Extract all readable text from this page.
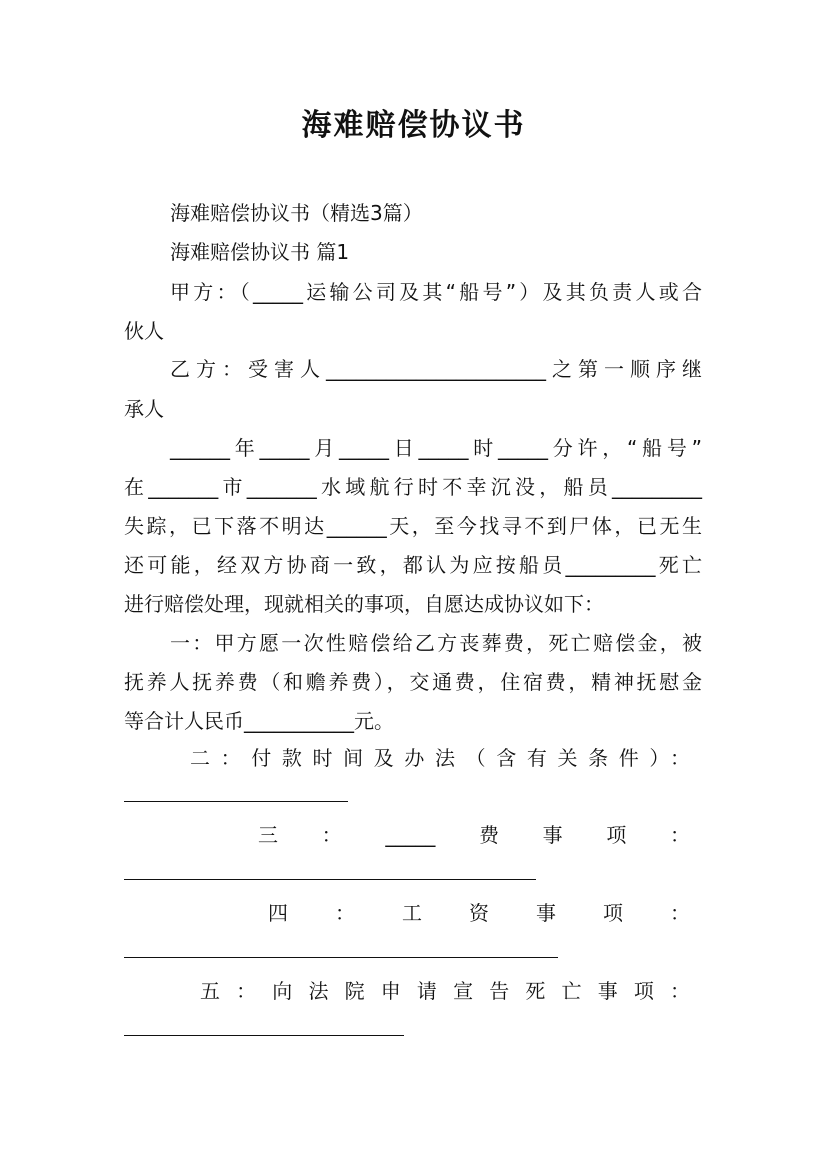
海难赔偿协议书
海难赔偿协议书（精选3篇）
海难赔偿协议书 篇1
甲方：（_____运输公司及其“船号”）及其负责人或合
伙人
乙方：受害人______________________之第一顺序继
承人
______年_____月_____日_____时_____分许，“船号”
在_______市_______水域航行时不幸沉没，船员_________
失踪，已下落不明达______天，至今找寻不到尸体，已无生
还可能，经双方协商一致，都认为应按船员_________死亡
进行赔偿处理，现就相关的事项，自愿达成协议如下：
一：甲方愿一次性赔偿给乙方丧葬费，死亡赔偿金，被
抚养人抚养费（和赡养费），交通费，住宿费，精神抚慰金
等合计人民币___________元。
二：付款时间及办法（含有关条件）：
三：_____费事项：
四：工资事项：
五：向法院申请宣告死亡事项：
